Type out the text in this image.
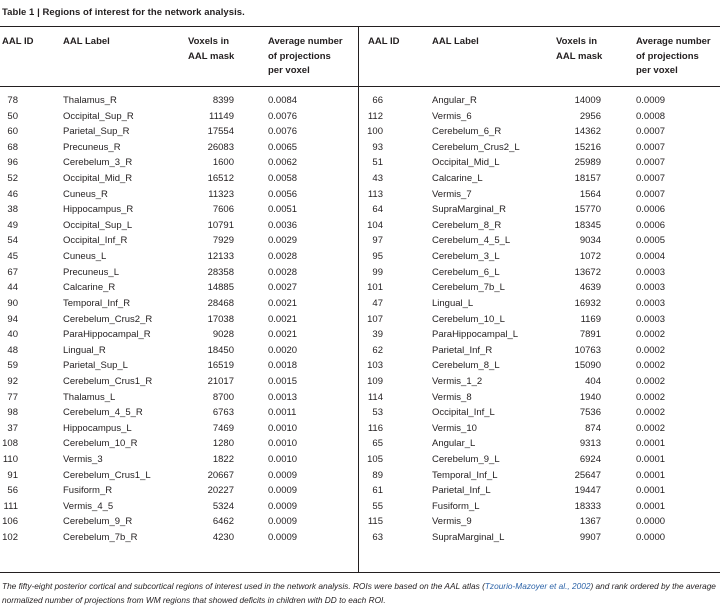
Table 1 | Regions of interest for the network analysis.
AAL ID	AAL Label	Voxels in
AAL mask
Average number
of projections
per voxel
AAL ID	AAL Label	Voxels in
AAL mask
Average number
of projections
per voxel
78	Thalamus_R	8399	0.0084
50	Occipital_Sup_R	11149	0.0076
60	Parietal_Sup_R	17554	0.0076
68	Precuneus_R	26083	0.0065
96	Cerebelum_3_R	1600	0.0062
52	Occipital_Mid_R	16512	0.0058
46	Cuneus_R	11323	0.0056
38	Hippocampus_R	7606	0.0051
49	Occipital_Sup_L	10791	0.0036
54	Occipital_Inf_R	7929	0.0029
45	Cuneus_L	12133	0.0028
67	Precuneus_L	28358	0.0028
44	Calcarine_R	14885	0.0027
90	Temporal_Inf_R	28468	0.0021
94	Cerebelum_Crus2_R	17038	0.0021
40	ParaHippocampal_R	9028	0.0021
48	Lingual_R	18450	0.0020
59	Parietal_Sup_L	16519	0.0018
92	Cerebelum_Crus1_R	21017	0.0015
77	Thalamus_L	8700	0.0013
98	Cerebelum_4_5_R	6763	0.0011
37	Hippocampus_L	7469	0.0010
108	Cerebelum_10_R	1280	0.0010
110	Vermis_3	1822	0.0010
91	Cerebelum_Crus1_L	20667	0.0009
56	Fusiform_R	20227	0.0009
111	Vermis_4_5	5324	0.0009
106	Cerebelum_9_R	6462	0.0009
102	Cerebelum_7b_R	4230	0.0009
66	Angular_R	14009	0.0009
112	Vermis_6	2956	0.0008
100	Cerebelum_6_R	14362	0.0007
93	Cerebelum_Crus2_L	15216	0.0007
51	Occipital_Mid_L	25989	0.0007
43	Calcarine_L	18157	0.0007
113	Vermis_7	1564	0.0007
64	SupraMarginal_R	15770	0.0006
104	Cerebelum_8_R	18345	0.0006
97	Cerebelum_4_5_L	9034	0.0005
95	Cerebelum_3_L	1072	0.0004
99	Cerebelum_6_L	13672	0.0003
101	Cerebelum_7b_L	4639	0.0003
47	Lingual_L	16932	0.0003
107	Cerebelum_10_L	1169	0.0003
39	ParaHippocampal_L	7891	0.0002
62	Parietal_Inf_R	10763	0.0002
103	Cerebelum_8_L	15090	0.0002
109	Vermis_1_2	404	0.0002
114	Vermis_8	1940	0.0002
53	Occipital_Inf_L	7536	0.0002
116	Vermis_10	874	0.0002
65	Angular_L	9313	0.0001
105	Cerebelum_9_L	6924	0.0001
89	Temporal_Inf_L	25647	0.0001
61	Parietal_Inf_L	19447	0.0001
55	Fusiform_L	18333	0.0001
115	Vermis_9	1367	0.0000
63	SupraMarginal_L	9907	0.0000
The fifty-eight posterior cortical and subcortical regions of interest used in the network analysis. ROIs were based on the AAL atlas (Tzourio-Mazoyer et al., 2002) and rank ordered by the average normalized number of projections from WM regions that showed deficits in children with DD to each ROI.
